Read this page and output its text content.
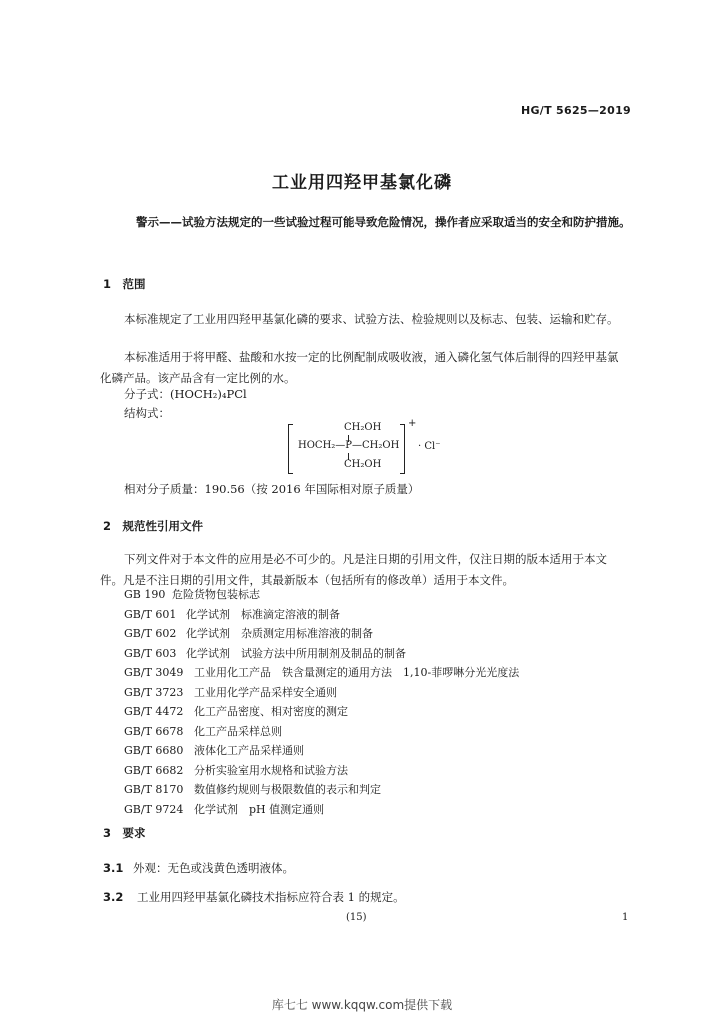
HG/T 5625—2019
工业用四羟甲基氯化磷
警示——试验方法规定的一些试验过程可能导致危险情况，操作者应采取适当的安全和防护措施。
1　范围
本标准规定了工业用四羟甲基氯化磷的要求、试验方法、检验规则以及标志、包装、运输和贮存。
本标准适用于将甲醛、盐酸和水按一定的比例配制成吸收液，通入磷化氢气体后制得的四羟甲基氯化磷产品。该产品含有一定比例的水。
分子式：(HOCH₂)₄PCl
结构式：
CH₂OH
HOCH₂—P—CH₂OH
CH₂OH
+
· Cl⁻
相对分子质量：190.56（按 2016 年国际相对原子质量）
2　规范性引用文件
下列文件对于本文件的应用是必不可少的。凡是注日期的引用文件，仅注日期的版本适用于本文件。凡是不注日期的引用文件，其最新版本（包括所有的修改单）适用于本文件。
GB 190 危险货物包装标志
GB/T 601 化学试剂　标准滴定溶液的制备
GB/T 602 化学试剂　杂质测定用标准溶液的制备
GB/T 603 化学试剂　试验方法中所用制剂及制品的制备
GB/T 3049 工业用化工产品　铁含量测定的通用方法　1,10-菲啰啉分光光度法
GB/T 3723 工业用化学产品采样安全通则
GB/T 4472 化工产品密度、相对密度的测定
GB/T 6678 化工产品采样总则
GB/T 6680 液体化工产品采样通则
GB/T 6682 分析实验室用水规格和试验方法
GB/T 8170 数值修约规则与极限数值的表示和判定
GB/T 9724 化学试剂　pH 值测定通则
3　要求
3.1 外观：无色或浅黄色透明液体。
3.2 工业用四羟甲基氯化磷技术指标应符合表 1 的规定。
(15)	1
库七七 www.kqqw.com提供下载
